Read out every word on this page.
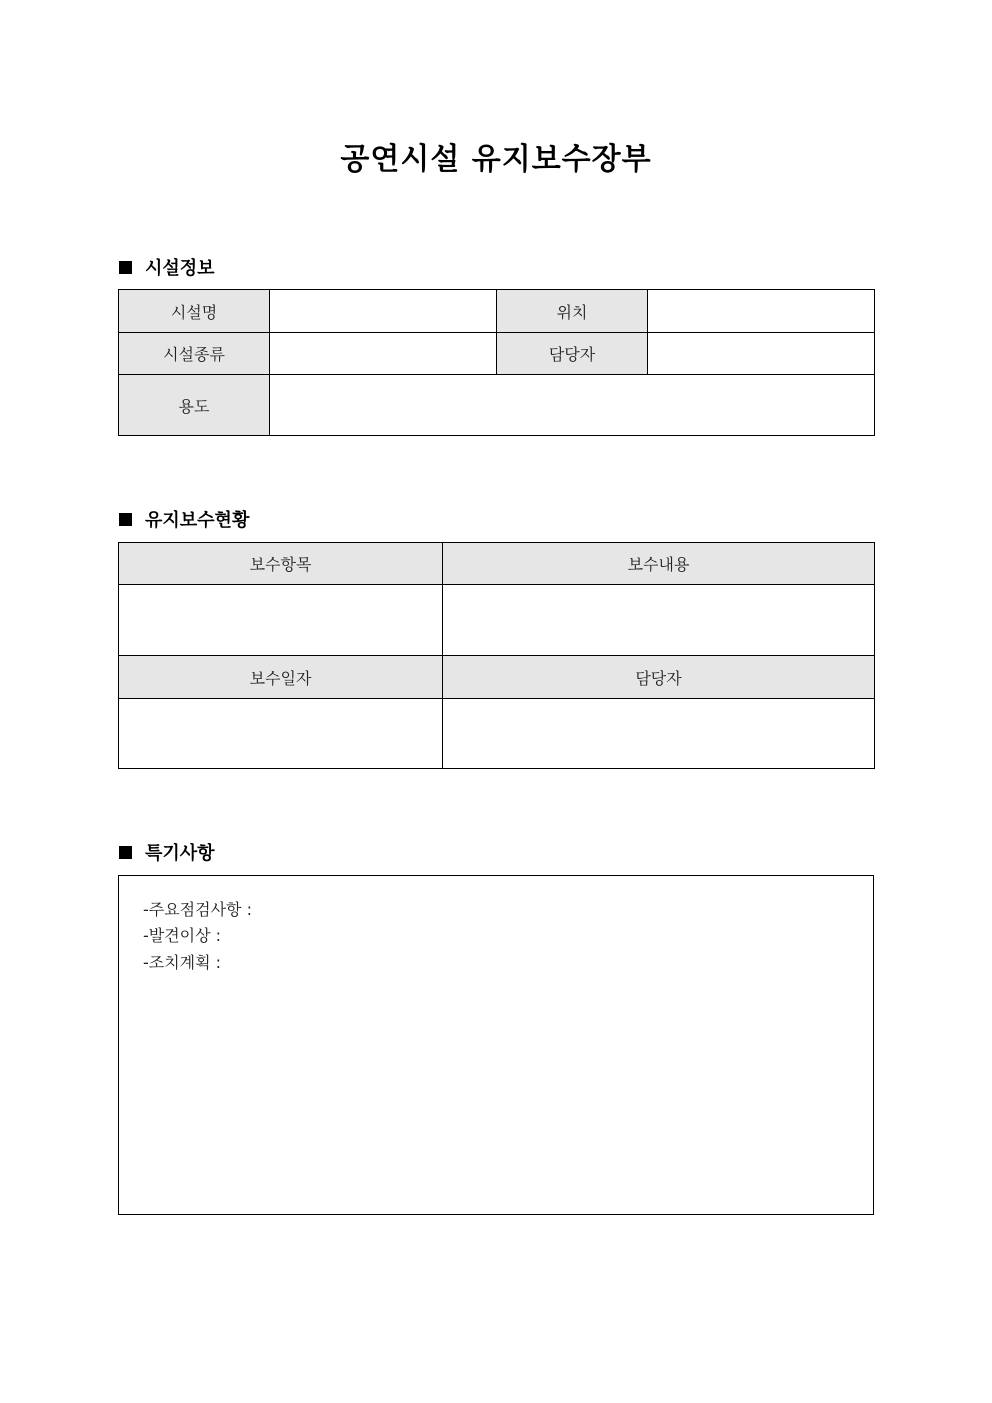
공연시설 유지보수장부
시설정보
시설명		위치	
시설종류		담당자	
용도			
유지보수현황
보수항목	보수내용

보수일자	담당자

특기사항
-주요점검사항 :
-발견이상 :
-조치계획 :
